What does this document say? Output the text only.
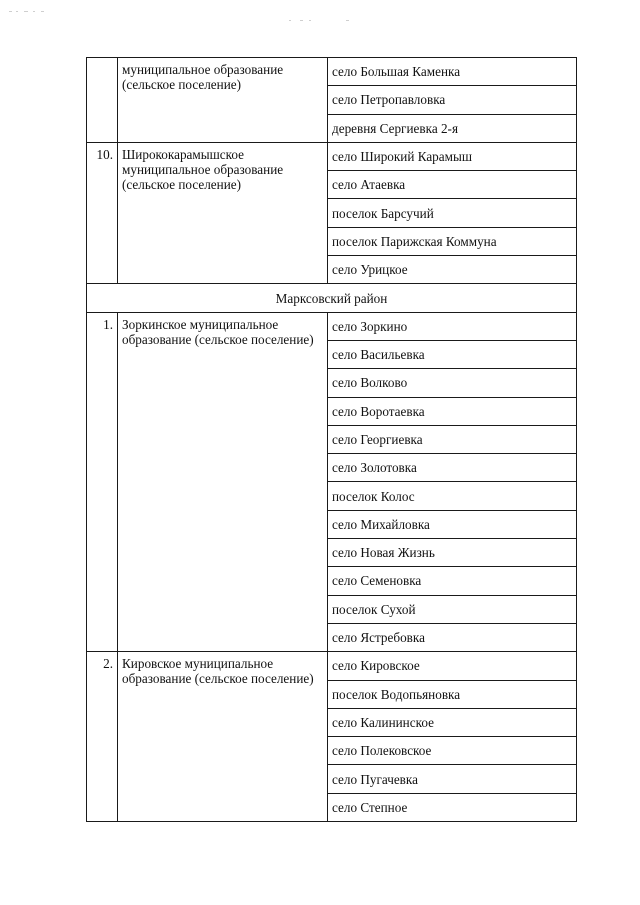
	муниципальное образование (сельское поселение)	село Большая Каменка
		село Петропавловка
		деревня Сергиевка 2-я
10.	Ширококарамышское муниципальное образование (сельское поселение)	село Широкий Карамыш
		село Атаевка
		поселок Барсучий
		поселок Парижская Коммуна
		село Урицкое
Марксовский район		
1.	Зоркинское муниципальное образование (сельское поселение)	село Зоркино
		село Васильевка
		село Волково
		село Воротаевка
		село Георгиевка
		село Золотовка
		поселок Колос
		село Михайловка
		село Новая Жизнь
		село Семеновка
		поселок Сухой
		село Ястребовка
2.	Кировское муниципальное образование (сельское поселение)	село Кировское
		поселок Водопьяновка
		село Калининское
		село Полековское
		село Пугачевка
		село Степное
